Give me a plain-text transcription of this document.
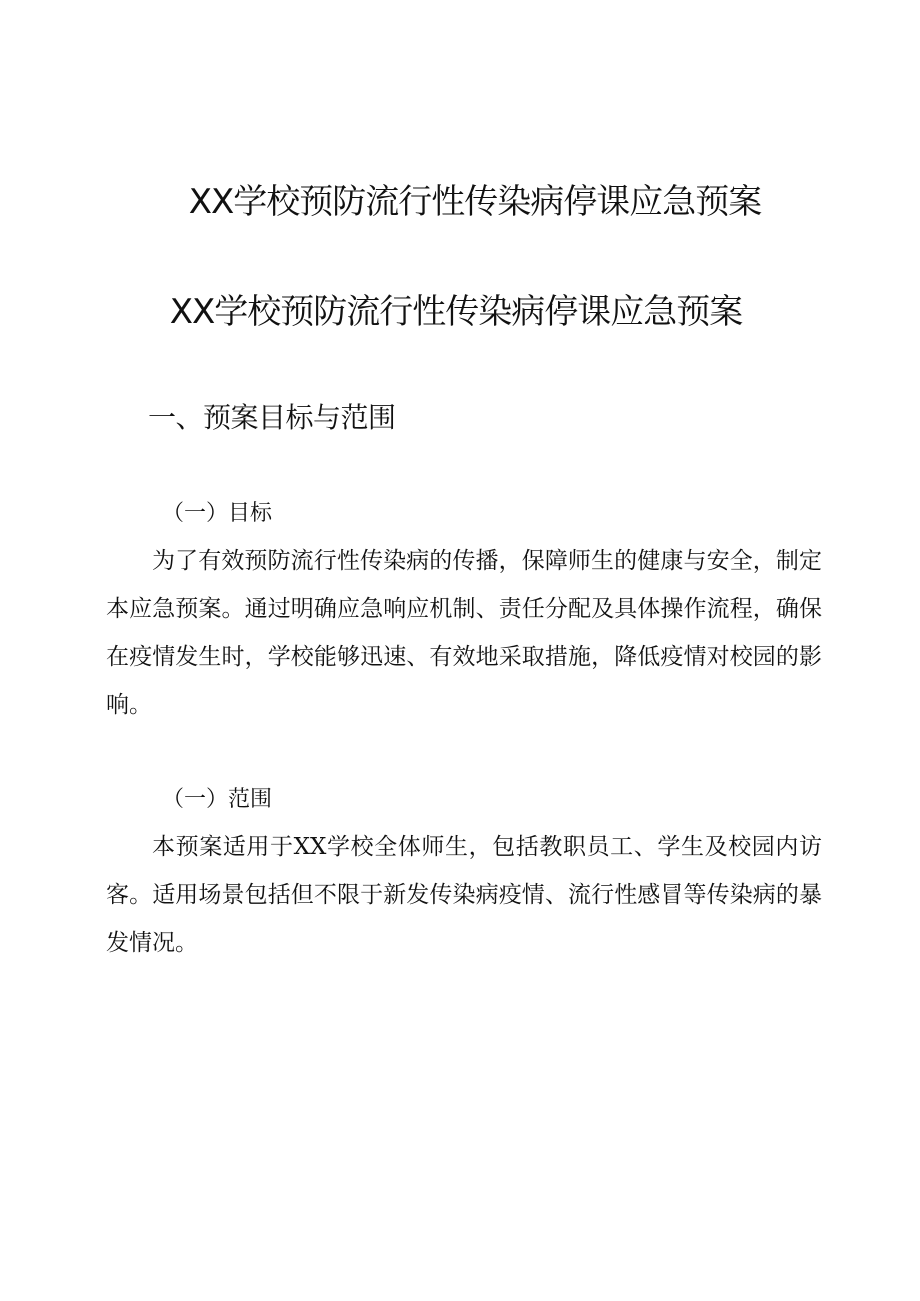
XX学校预防流行性传染病停课应急预案
XX学校预防流行性传染病停课应急预案
一、预案目标与范围
（一）目标

为了有效预防流行性传染病的传播，保障师生的健康与安全，制定本应急预案。通过明确应急响应机制、责任分配及具体操作流程，确保在疫情发生时，学校能够迅速、有效地采取措施，降低疫情对校园的影响。

（一）范围

本预案适用于XX学校全体师生，包括教职员工、学生及校园内访客。适用场景包括但不限于新发传染病疫情、流行性感冒等传染病的暴发情况。
